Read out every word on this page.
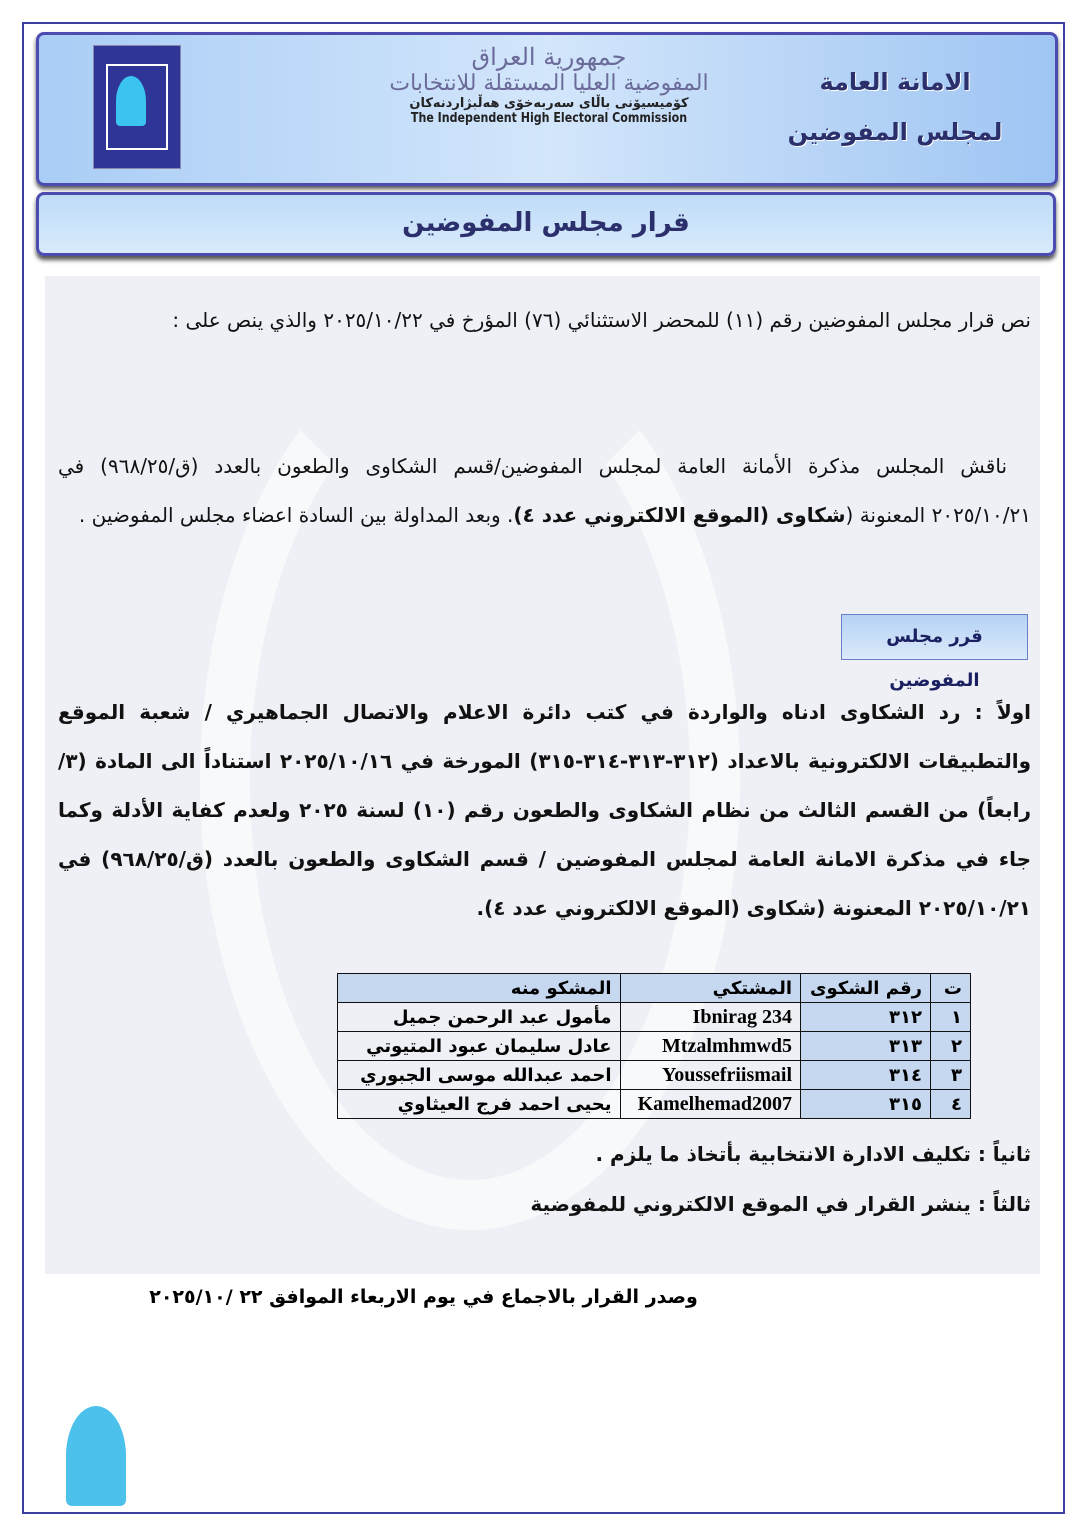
جمهورية العراق
المفوضية العليا المستقلة للانتخابات
كۆمیسیۆنی باڵای سەربەخۆی هەڵبژاردنەکان
The Independent High Electoral Commission
الامانة العامة
لمجلس المفوضين
قرار مجلس المفوضين
نص قرار مجلس المفوضين رقم (١١) للمحضر الاستثنائي (٧٦) المؤرخ في ٢٠٢٥/١٠/٢٢ والذي ينص على :
ناقش المجلس مذكرة الأمانة العامة لمجلس المفوضين/قسم الشكاوى والطعون بالعدد (ق/٩٦٨/٢٥) في ٢٠٢٥/١٠/٢١ المعنونة (شكاوى (الموقع الالكتروني عدد ٤). وبعد المداولة بين السادة اعضاء مجلس المفوضين .
قرر مجلس المفوضين
اولاً : رد الشكاوى ادناه والواردة في كتب دائرة الاعلام والاتصال الجماهيري / شعبة الموقع والتطبيقات الالكترونية بالاعداد (٣١٢-٣١٣-٣١٤-٣١٥) المورخة في ٢٠٢٥/١٠/١٦ استناداً الى المادة (٣/رابعاً) من القسم الثالث من نظام الشكاوى والطعون رقم (١٠) لسنة ٢٠٢٥ ولعدم كفاية الأدلة وكما جاء في مذكرة الامانة العامة لمجلس المفوضين / قسم الشكاوى والطعون بالعدد (ق/٩٦٨/٢٥) في ٢٠٢٥/١٠/٢١ المعنونة (شكاوى (الموقع الالكتروني عدد ٤).
ت	رقم الشكوى	المشتكي	المشكو منه
١	٣١٢	Ibnirag 234	مأمول عبد الرحمن جميل
٢	٣١٣	Mtzalmhmwd5	عادل سليمان عبود المتيوتي
٣	٣١٤	Youssefriismail	احمد عبدالله موسى الجبوري
٤	٣١٥	Kamelhemad2007	يحيى احمد فرج العيثاوي
ثانياً : تكليف الادارة الانتخابية بأتخاذ ما يلزم .
ثالثاً : ينشر القرار في الموقع الالكتروني للمفوضية
وصدر القرار بالاجماع في يوم الاربعاء الموافق ٢٢ /٢٠٢٥/١٠
